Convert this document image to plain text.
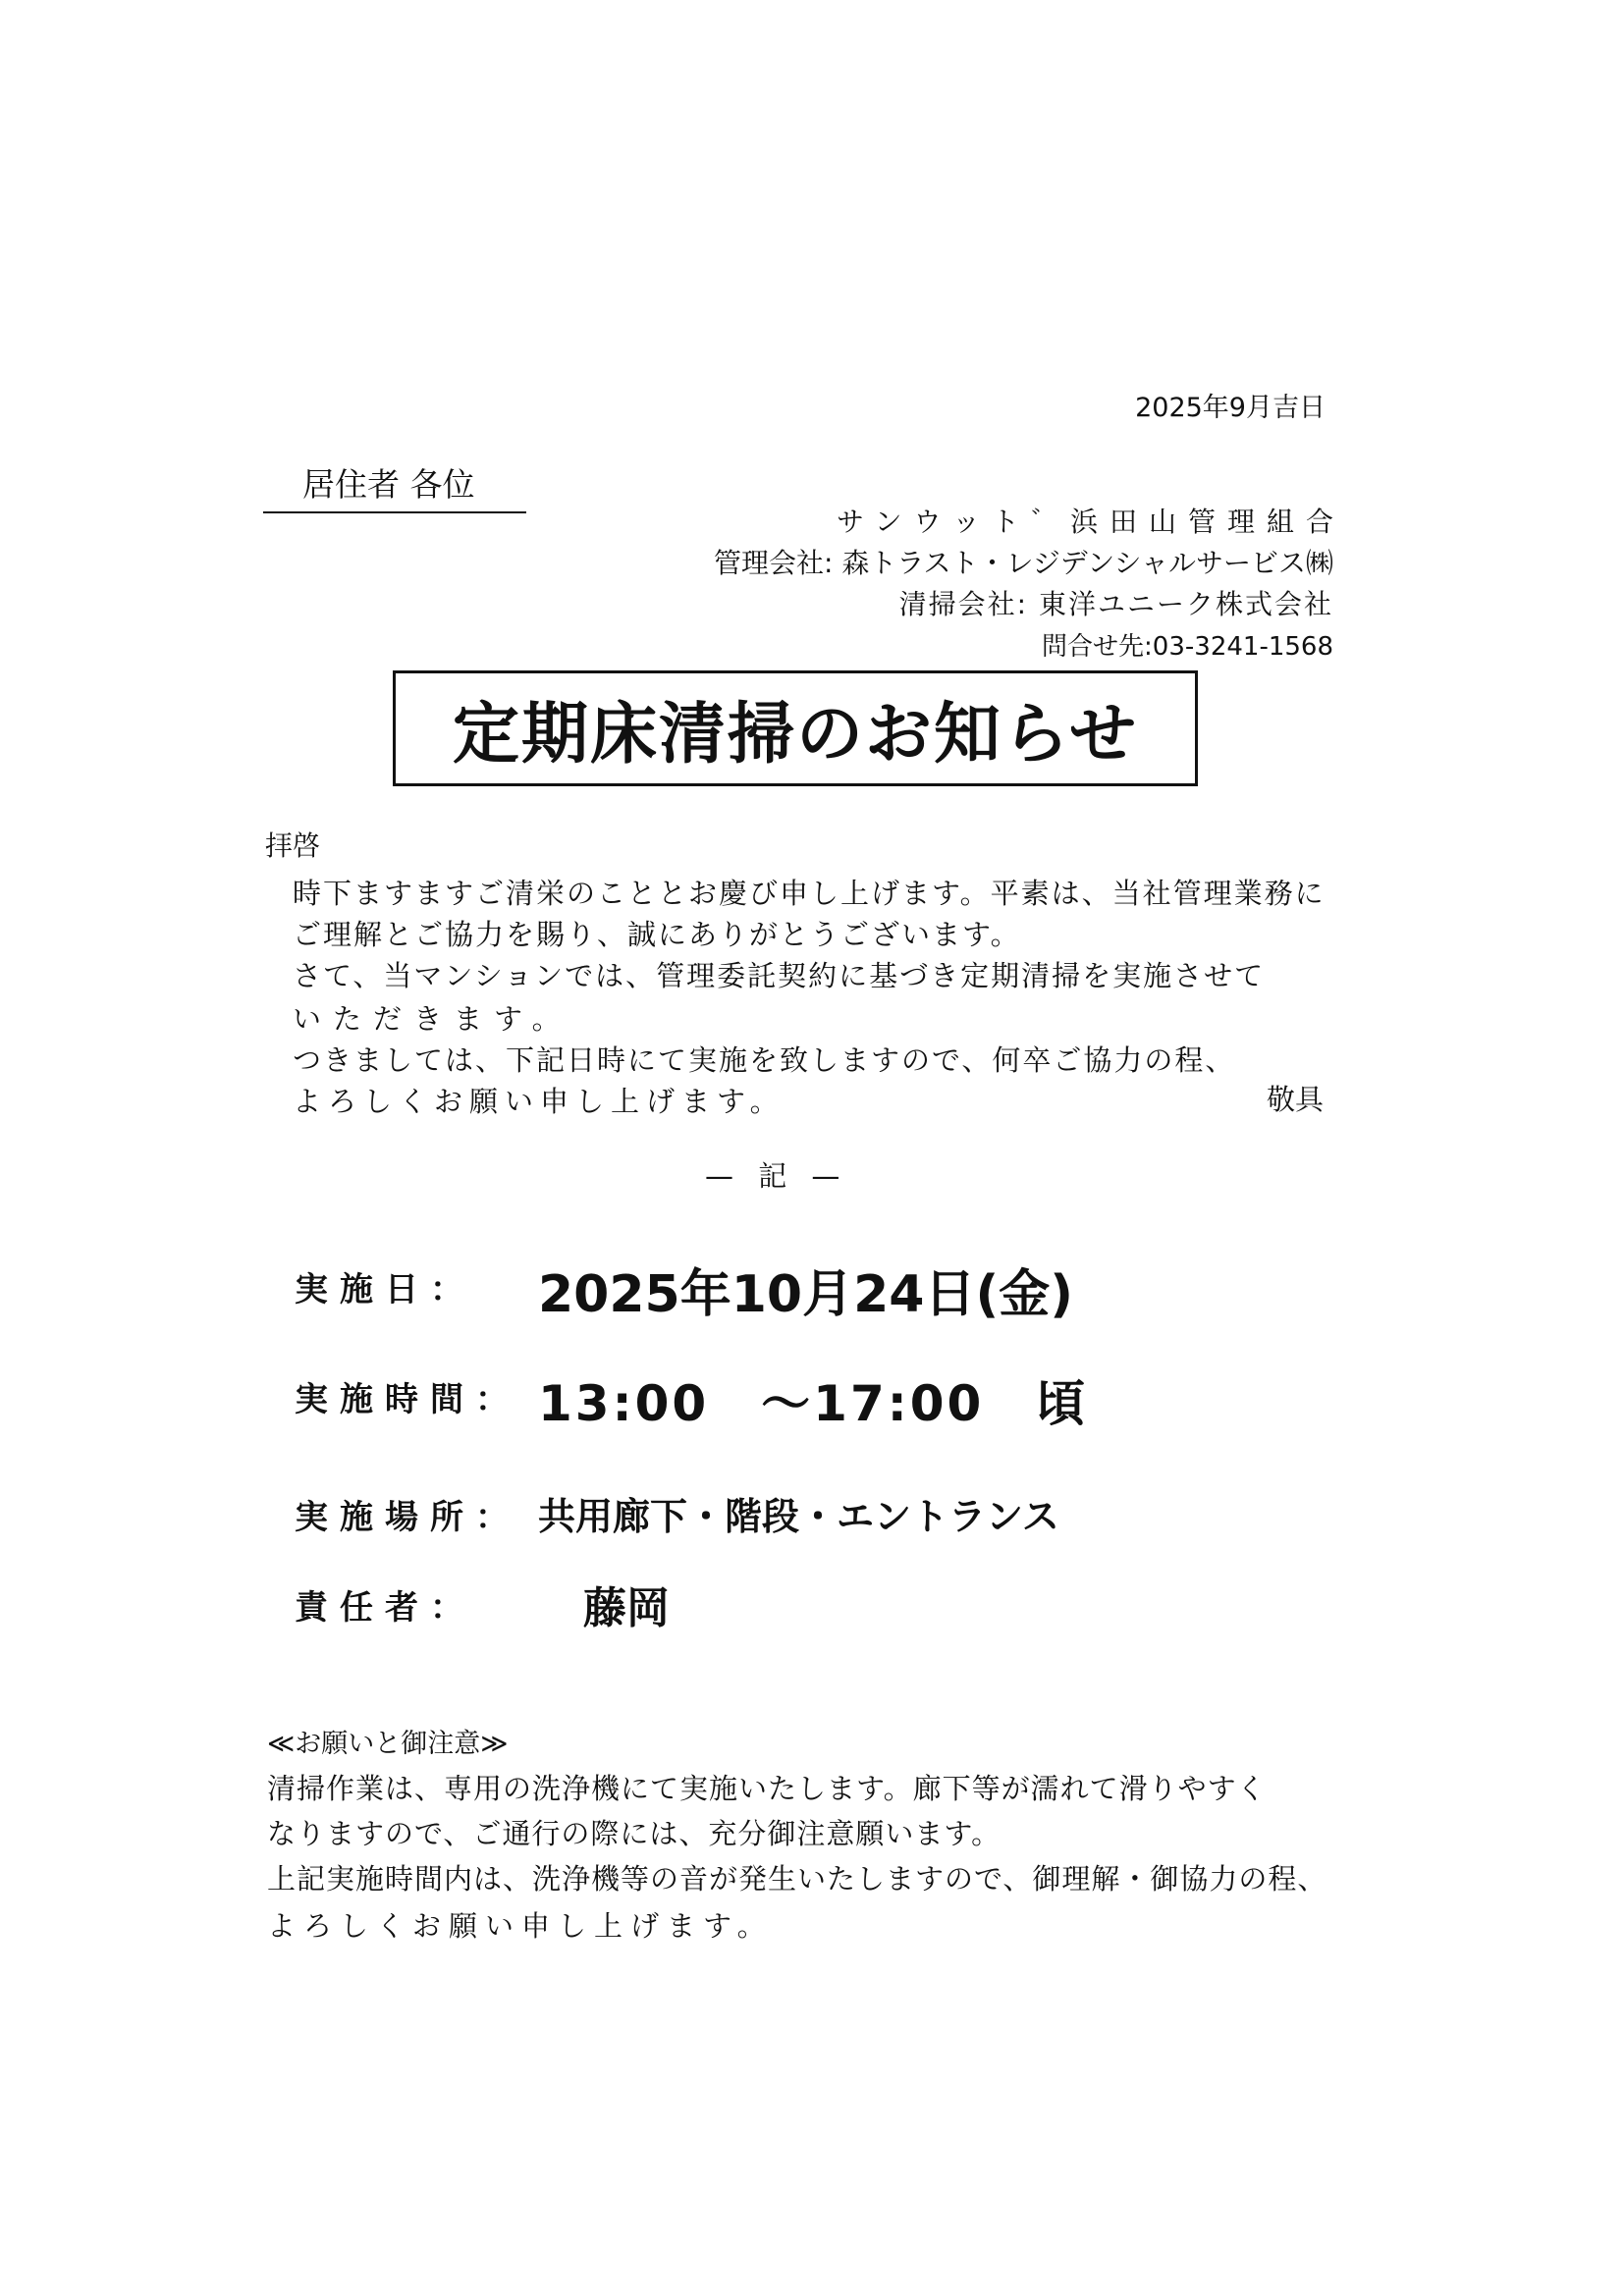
2025年9月吉日
居住者 各位
サンウット゛浜田山管理組合
管理会社: 森トラスト・レジデンシャルサービス㈱
清掃会社: 東洋ユニーク株式会社
問合せ先:03-3241-1568
定期床清掃のお知らせ
拝啓
時下ますますご清栄のこととお慶び申し上げます。平素は、当社管理業務に
ご理解とご協力を賜り、誠にありがとうございます。
さて、当マンションでは、管理委託契約に基づき定期清掃を実施させて
いただきます。
つきましては、下記日時にて実施を致しますので、何卒ご協力の程、
よろしくお願い申し上げます。	敬具
— 記 —
実施日： 2025年10月24日(金)
実施時間： 13:00　～17:00　頃
実施場所： 共用廊下・階段・エントランス
責任者：	藤岡
≪お願いと御注意≫
清掃作業は、専用の洗浄機にて実施いたします。廊下等が濡れて滑りやすく
なりますので、ご通行の際には、充分御注意願います。
上記実施時間内は、洗浄機等の音が発生いたしますので、御理解・御協力の程、
よろしくお願い申し上げます。
